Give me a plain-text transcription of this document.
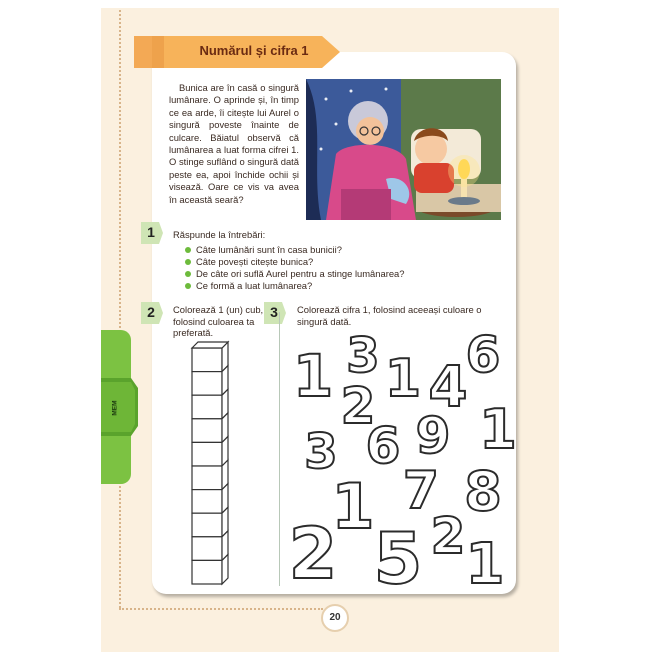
Numărul și cifra 1
Bunica are în casă o singură lumânare. O aprinde și, în timp ce ea arde, îi citește lui Aurel o singură poveste înainte de culcare. Băiatul observă că lumânarea a luat forma cifrei 1. O stinge suflând o singură dată peste ea, apoi închide ochii și visează. Oare ce vis va avea în această seară?
1	Răspunde la întrebări:
Câte lumânări sunt în casa bunicii?
Câte povești citește bunica?
De câte ori suflă Aurel pentru a stinge lumânarea?
Ce formă a luat lumânarea?
2	Colorează 1 (un) cub, folosind culoarea ta preferată.
3	Colorează cifra 1, folosind aceeași culoare o singură dată.
1 3 1 4
6
2 1
3 6 9
7 8
1
2 5 2 1
MEM
20
